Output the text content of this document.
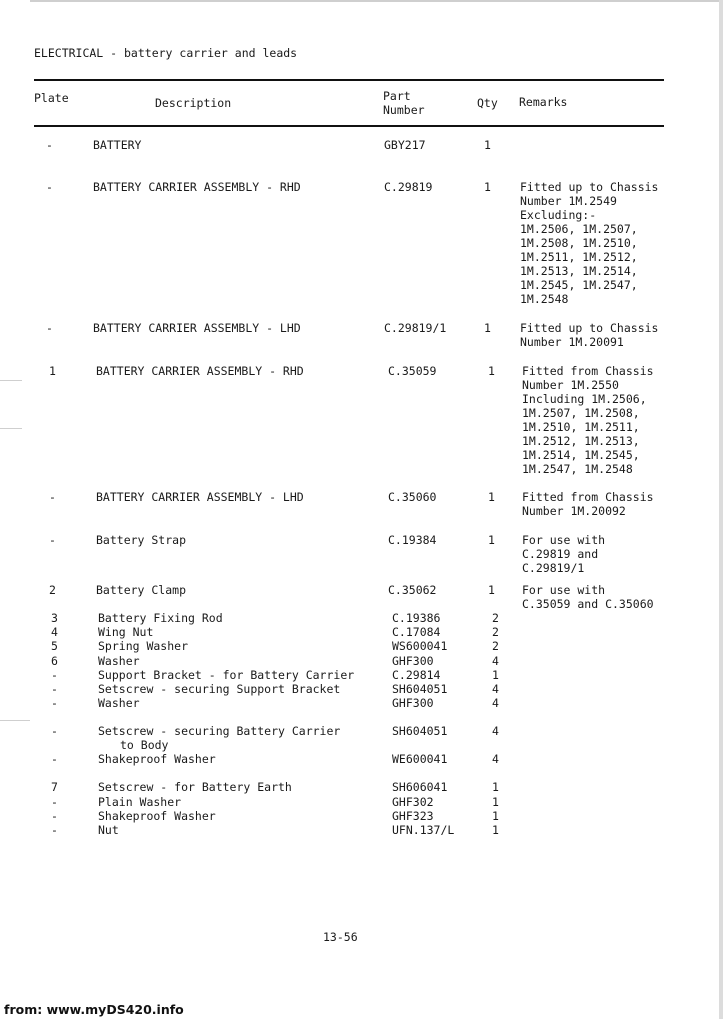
ELECTRICAL - battery carrier and leads
Plate	Description	Part
Number	Qty Remarks
-	BATTERY	GBY217	1
-	BATTERY CARRIER ASSEMBLY - RHD	C.29819	1	Fitted up to Chassis
Number 1M.2549
Excluding:-
1M.2506, 1M.2507,
1M.2508, 1M.2510,
1M.2511, 1M.2512,
1M.2513, 1M.2514,
1M.2545, 1M.2547,
1M.2548
-	BATTERY CARRIER ASSEMBLY - LHD	C.29819/1	1	Fitted up to Chassis
Number 1M.20091
1	BATTERY CARRIER ASSEMBLY - RHD	C.35059	1 Fitted from Chassis
Number 1M.2550
Including 1M.2506,
1M.2507, 1M.2508,
1M.2510, 1M.2511,
1M.2512, 1M.2513,
1M.2514, 1M.2545,
1M.2547, 1M.2548
-	BATTERY CARRIER ASSEMBLY - LHD	C.35060	1 Fitted from Chassis
Number 1M.20092
-	Battery Strap	C.19384	1 For use with
C.29819 and
C.29819/1
2	Battery Clamp	C.35062	1 For use with
C.35059 and C.35060
3	Battery Fixing Rod	C.19386	2
4	Wing Nut	C.17084	2
5	Spring Washer	WS600041	2
6	Washer	GHF300	4
-	Support Bracket - for Battery Carrier	C.29814	1
-	Setscrew - securing Support Bracket	SH604051	4
-	Washer	GHF300	4
-	Setscrew - securing Battery Carrier	SH604051	4
to Body
-	Shakeproof Washer	WE600041	4
7	Setscrew - for Battery Earth	SH606041	1
-	Plain Washer	GHF302	1
-	Shakeproof Washer	GHF323	1
-	Nut	UFN.137/L	1
13-56
from: www.myDS420.info
